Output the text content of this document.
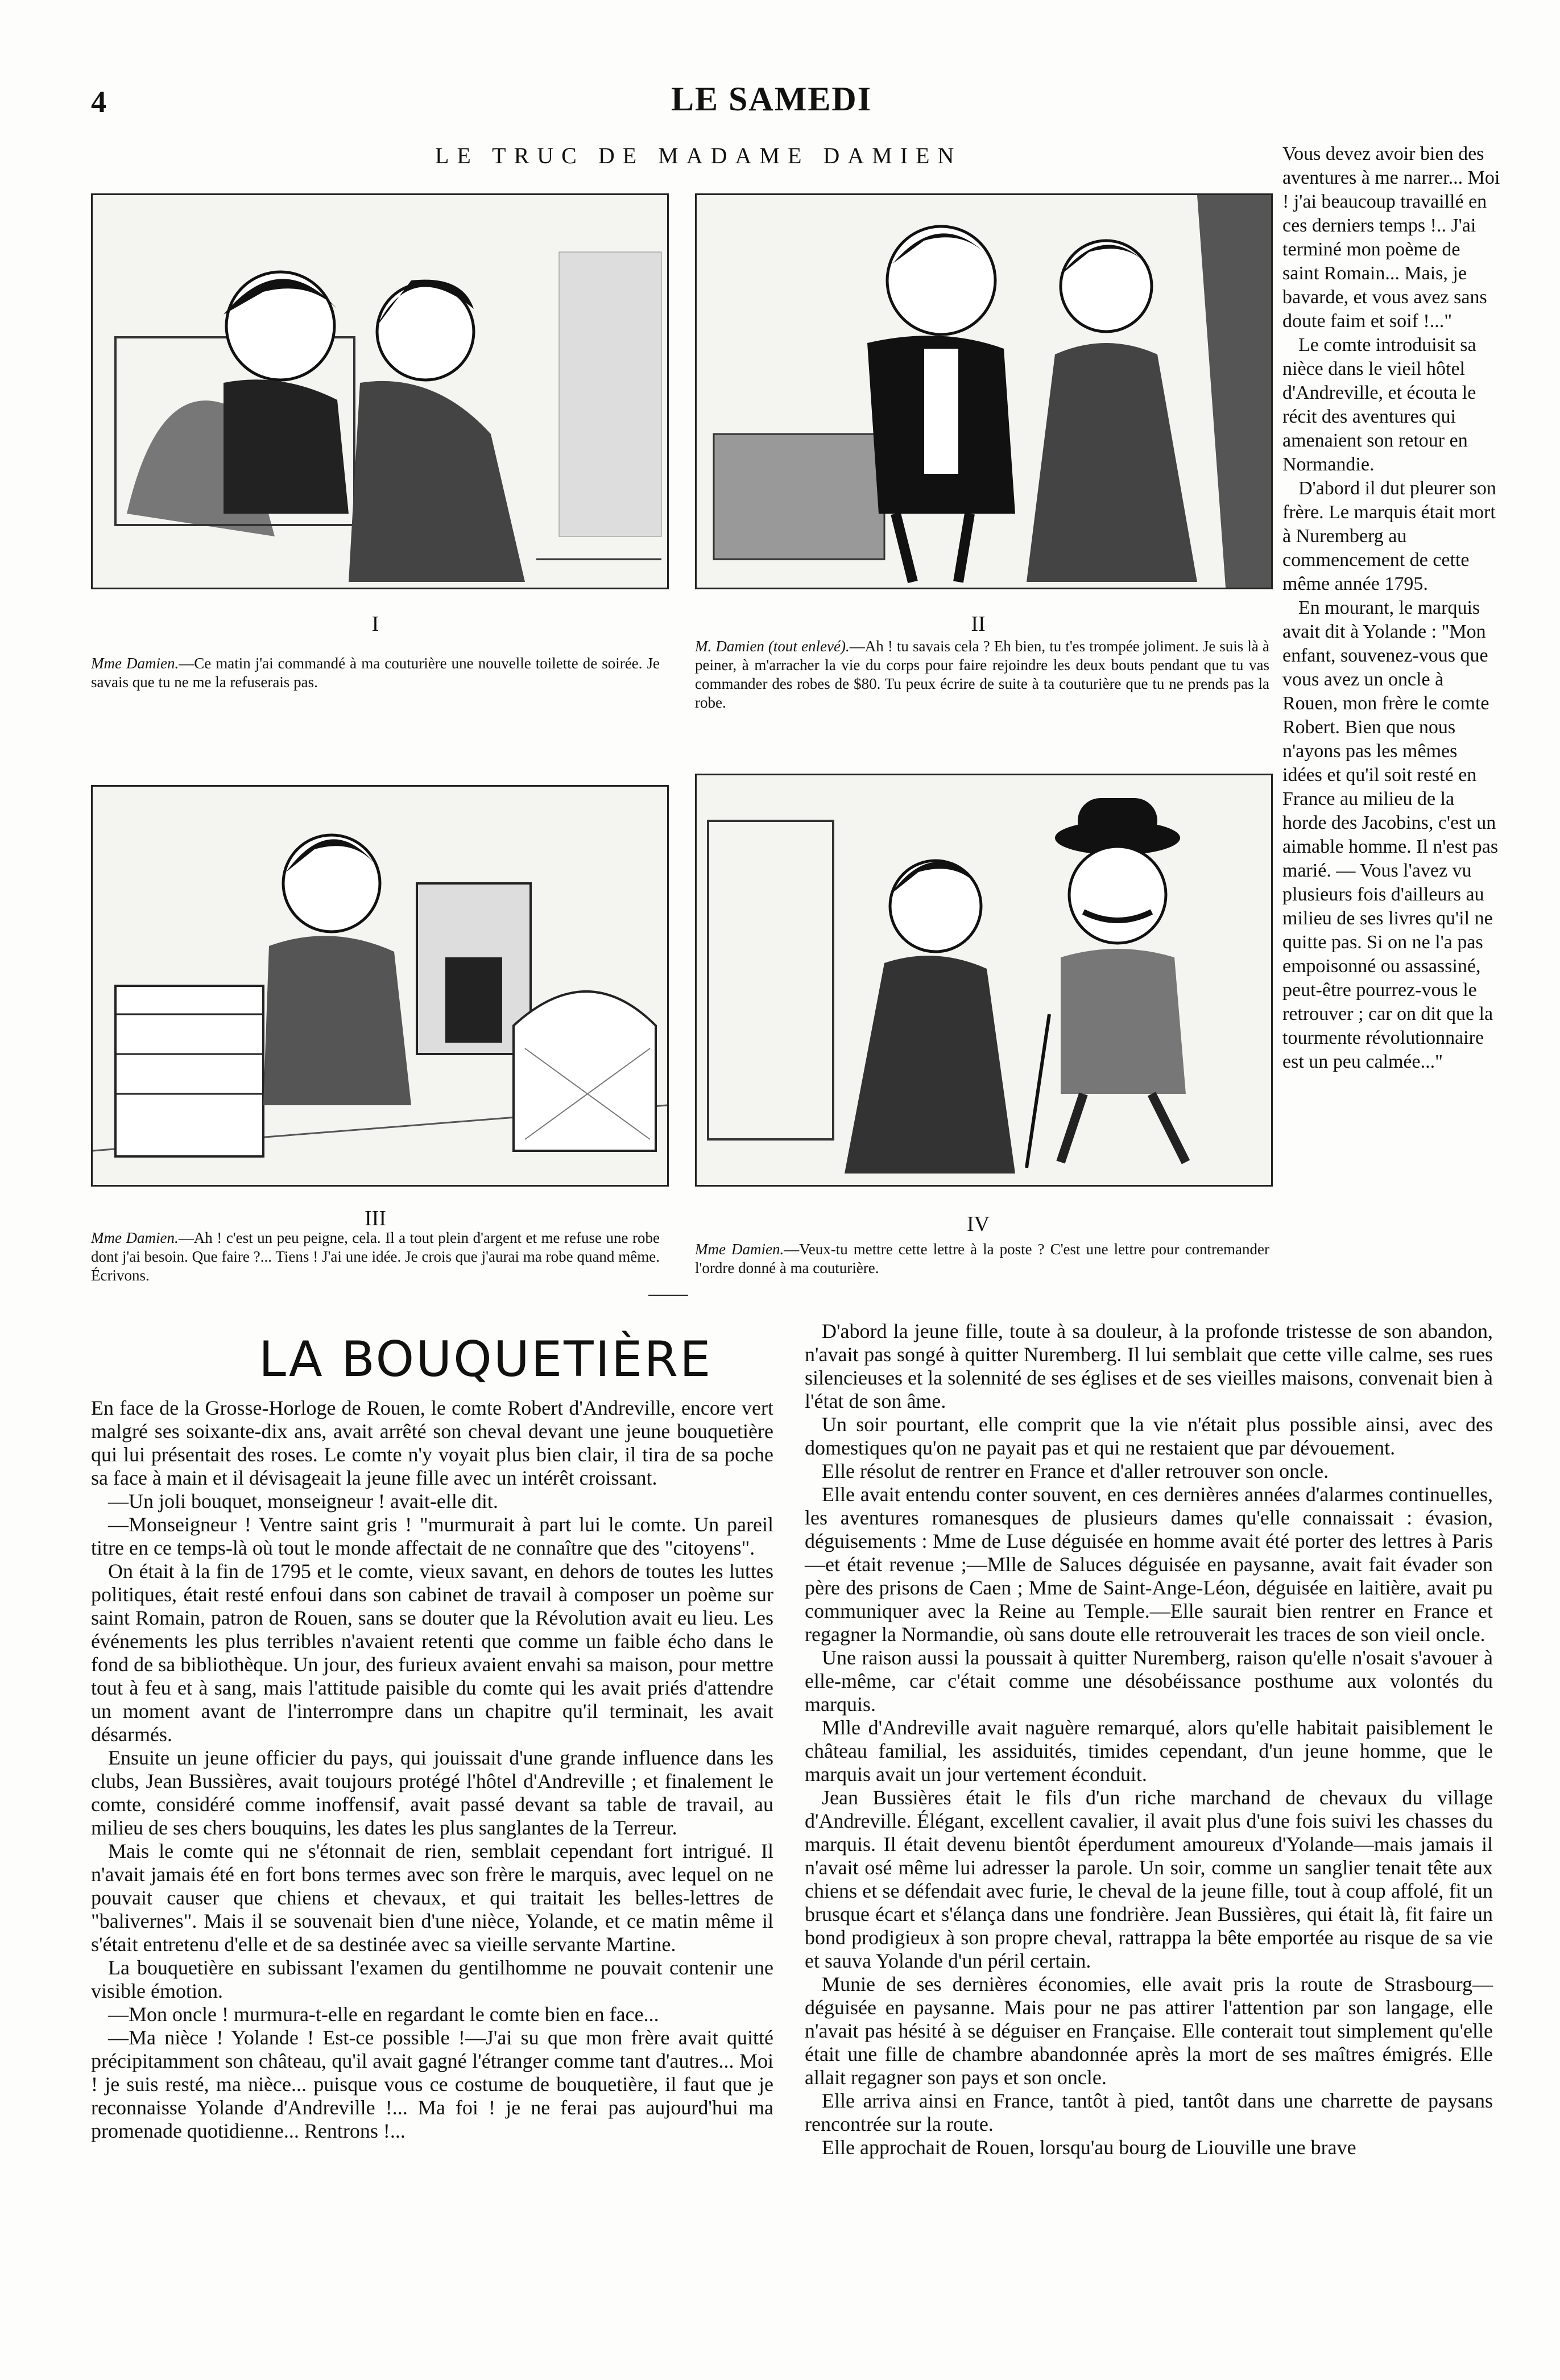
4	LE SAMEDI
LE TRUC DE MADAME DAMIEN
I
Mme Damien.—Ce matin j'ai commandé à ma couturière une nouvelle toilette de soirée. Je savais que tu ne me la refuserais pas.
II
M. Damien (tout enlevé).—Ah ! tu savais cela ? Eh bien, tu t'es trompée joliment. Je suis là à peiner, à m'arracher la vie du corps pour faire rejoindre les deux bouts pendant que tu vas commander des robes de $80. Tu peux écrire de suite à ta couturière que tu ne prends pas la robe.
III
Mme Damien.—Ah ! c'est un peu peigne, cela. Il a tout plein d'argent et me refuse une robe dont j'ai besoin. Que faire ?... Tiens ! J'ai une idée. Je crois que j'aurai ma robe quand même. Écrivons.
IV
Mme Damien.—Veux-tu mettre cette lettre à la poste ? C'est une lettre pour contremander l'ordre donné à ma couturière.

Vous devez avoir bien des aventures à me narrer... Moi ! j'ai beaucoup travaillé en ces derniers temps !.. J'ai terminé mon poème de saint Romain... Mais, je bavarde, et vous avez sans doute faim et soif !..."

Le comte introduisit sa nièce dans le vieil hôtel d'Andreville, et écouta le récit des aventures qui amenaient son retour en Normandie.

D'abord il dut pleurer son frère. Le marquis était mort à Nuremberg au commencement de cette même année 1795.

En mourant, le marquis avait dit à Yolande : "Mon enfant, souvenez-vous que vous avez un oncle à Rouen, mon frère le comte Robert. Bien que nous n'ayons pas les mêmes idées et qu'il soit resté en France au milieu de la horde des Jacobins, c'est un aimable homme. Il n'est pas marié. — Vous l'avez vu plusieurs fois d'ailleurs au milieu de ses livres qu'il ne quitte pas. Si on ne l'a pas empoisonné ou assassiné, peut-être pourrez-vous le retrouver ; car on dit que la tourmente révolutionnaire est un peu calmée..."

LA BOUQUETIÈRE

En face de la Grosse-Horloge de Rouen, le comte Robert d'Andreville, encore vert malgré ses soixante-dix ans, avait arrêté son cheval devant une jeune bouquetière qui lui présentait des roses. Le comte n'y voyait plus bien clair, il tira de sa poche sa face à main et il dévisageait la jeune fille avec un intérêt croissant.

—Un joli bouquet, monseigneur ! avait-elle dit.

—Monseigneur ! Ventre saint gris ! "murmurait à part lui le comte. Un pareil titre en ce temps-là où tout le monde affectait de ne connaître que des "citoyens".

On était à la fin de 1795 et le comte, vieux savant, en dehors de toutes les luttes politiques, était resté enfoui dans son cabinet de travail à composer un poème sur saint Romain, patron de Rouen, sans se douter que la Révolution avait eu lieu. Les événements les plus terribles n'avaient retenti que comme un faible écho dans le fond de sa bibliothèque. Un jour, des furieux avaient envahi sa maison, pour mettre tout à feu et à sang, mais l'attitude paisible du comte qui les avait priés d'attendre un moment avant de l'interrompre dans un chapitre qu'il terminait, les avait désarmés.

Ensuite un jeune officier du pays, qui jouissait d'une grande influence dans les clubs, Jean Bussières, avait toujours protégé l'hôtel d'Andreville ; et finalement le comte, considéré comme inoffensif, avait passé devant sa table de travail, au milieu de ses chers bouquins, les dates les plus sanglantes de la Terreur.

Mais le comte qui ne s'étonnait de rien, semblait cependant fort intrigué. Il n'avait jamais été en fort bons termes avec son frère le marquis, avec lequel on ne pouvait causer que chiens et chevaux, et qui traitait les belles-lettres de "balivernes". Mais il se souvenait bien d'une nièce, Yolande, et ce matin même il s'était entretenu d'elle et de sa destinée avec sa vieille servante Martine.

La bouquetière en subissant l'examen du gentilhomme ne pouvait contenir une visible émotion.

—Mon oncle ! murmura-t-elle en regardant le comte bien en face...

—Ma nièce ! Yolande ! Est-ce possible !—J'ai su que mon frère avait quitté précipitamment son château, qu'il avait gagné l'étranger comme tant d'autres... Moi ! je suis resté, ma nièce... puisque vous ce costume de bouquetière, il faut que je reconnaisse Yolande d'Andreville !... Ma foi ! je ne ferai pas aujourd'hui ma promenade quotidienne... Rentrons !...

D'abord la jeune fille, toute à sa douleur, à la profonde tristesse de son abandon, n'avait pas songé à quitter Nuremberg. Il lui semblait que cette ville calme, ses rues silencieuses et la solennité de ses églises et de ses vieilles maisons, convenait bien à l'état de son âme.

Un soir pourtant, elle comprit que la vie n'était plus possible ainsi, avec des domestiques qu'on ne payait pas et qui ne restaient que par dévouement.

Elle résolut de rentrer en France et d'aller retrouver son oncle.

Elle avait entendu conter souvent, en ces dernières années d'alarmes continuelles, les aventures romanesques de plusieurs dames qu'elle connaissait : évasion, déguisements : Mme de Luse déguisée en homme avait été porter des lettres à Paris—et était revenue ;—Mlle de Saluces déguisée en paysanne, avait fait évader son père des prisons de Caen ; Mme de Saint-Ange-Léon, déguisée en laitière, avait pu communiquer avec la Reine au Temple.—Elle saurait bien rentrer en France et regagner la Normandie, où sans doute elle retrouverait les traces de son vieil oncle.

Une raison aussi la poussait à quitter Nuremberg, raison qu'elle n'osait s'avouer à elle-même, car c'était comme une désobéissance posthume aux volontés du marquis.

Mlle d'Andreville avait naguère remarqué, alors qu'elle habitait paisiblement le château familial, les assiduités, timides cependant, d'un jeune homme, que le marquis avait un jour vertement éconduit.

Jean Bussières était le fils d'un riche marchand de chevaux du village d'Andreville. Élégant, excellent cavalier, il avait plus d'une fois suivi les chasses du marquis. Il était devenu bientôt éperdument amoureux d'Yolande—mais jamais il n'avait osé même lui adresser la parole. Un soir, comme un sanglier tenait tête aux chiens et se défendait avec furie, le cheval de la jeune fille, tout à coup affolé, fit un brusque écart et s'élança dans une fondrière. Jean Bussières, qui était là, fit faire un bond prodigieux à son propre cheval, rattrappa la bête emportée au risque de sa vie et sauva Yolande d'un péril certain.

Munie de ses dernières économies, elle avait pris la route de Strasbourg—déguisée en paysanne. Mais pour ne pas attirer l'attention par son langage, elle n'avait pas hésité à se déguiser en Française. Elle conterait tout simplement qu'elle était une fille de chambre abandonnée après la mort de ses maîtres émigrés. Elle allait regagner son pays et son oncle.

Elle arriva ainsi en France, tantôt à pied, tantôt dans une charrette de paysans rencontrée sur la route.

Elle approchait de Rouen, lorsqu'au bourg de Liouville une brave
